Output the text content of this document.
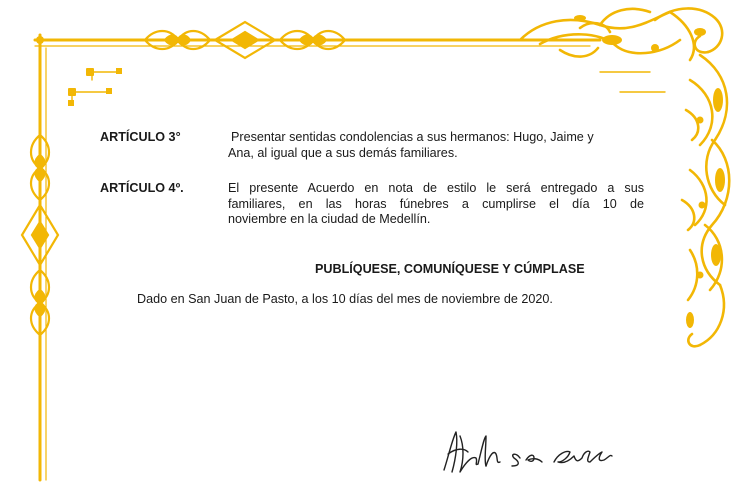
ARTÍCULO 3°	Presentar sentidas condolencias a sus hermanos: Hugo, Jaime y
Ana, al igual que a sus demás familiares.
ARTÍCULO 4º.	El presente Acuerdo en nota de estilo le será entregado a sus
familiares, en las horas fúnebres a cumplirse el día 10 de
noviembre en la ciudad de Medellín.
PUBLÍQUESE, COMUNÍQUESE Y CÚMPLASE
Dado en San Juan de Pasto, a los 10 días del mes de noviembre de 2020.
